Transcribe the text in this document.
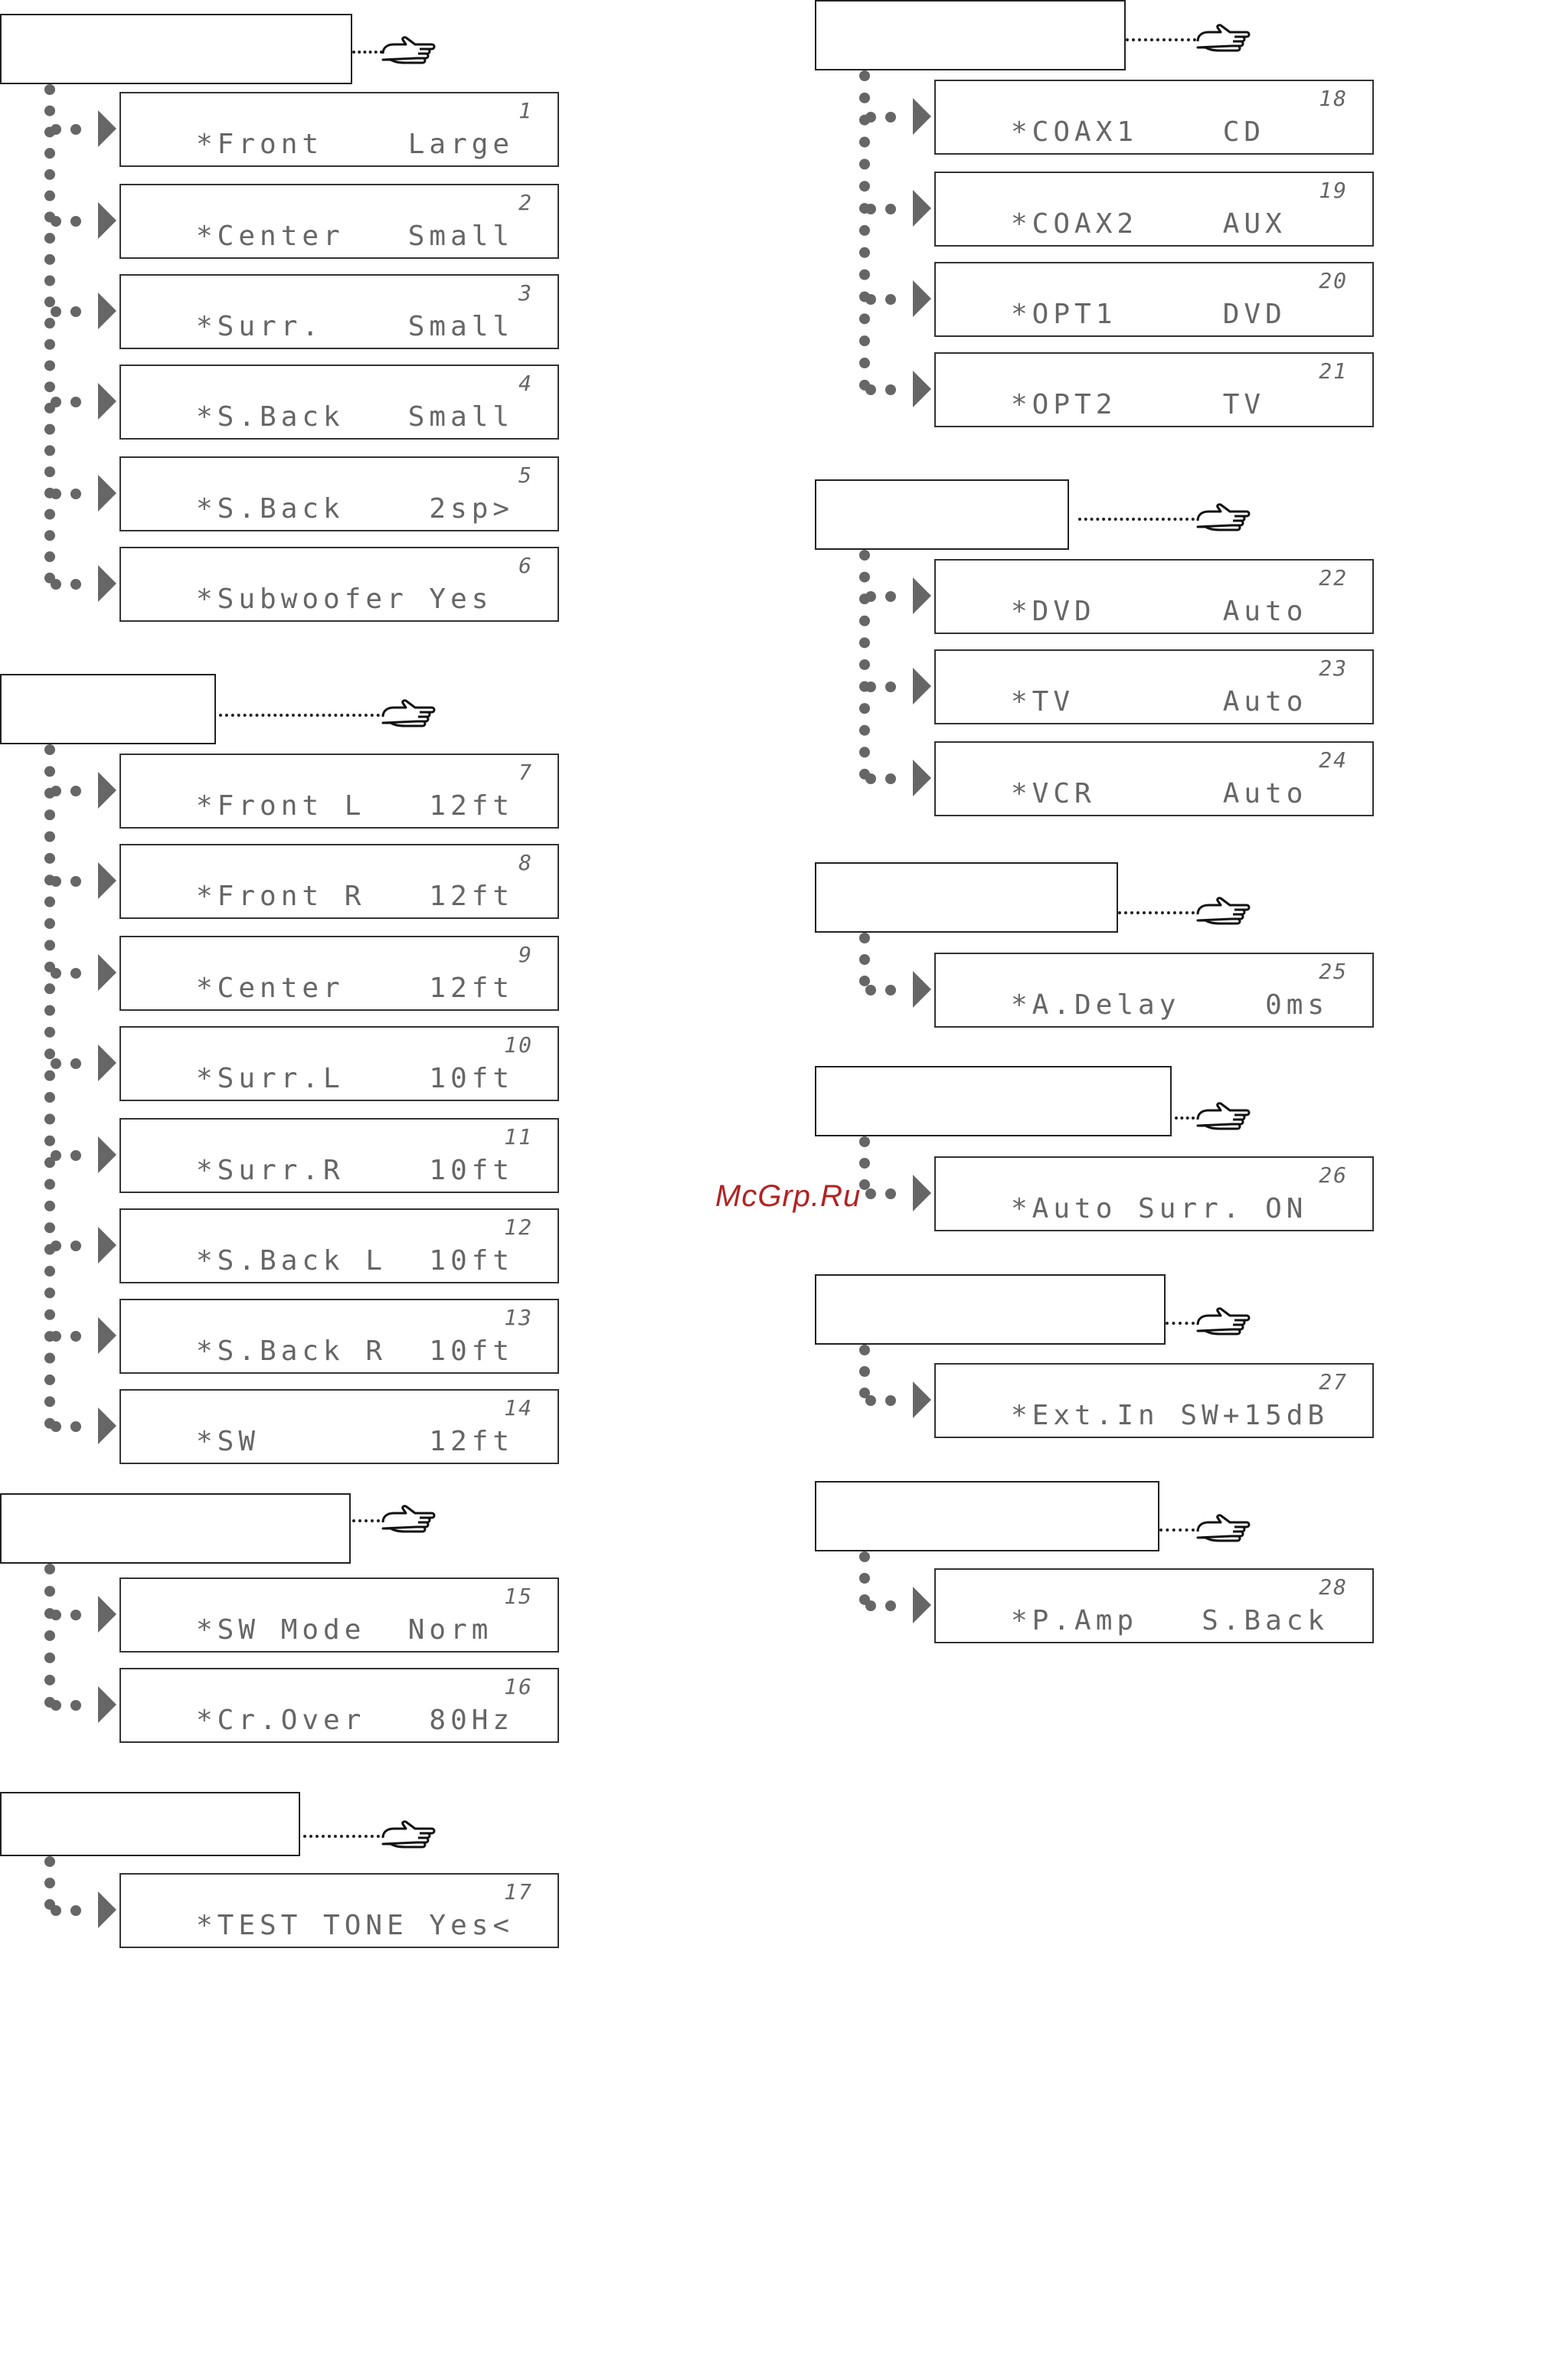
McGrp.Ru
1
*Front    Large
2
*Center   Small
3
*Surr.    Small
4
*S.Back   Small
5
*S.Back    2sp>
6
*Subwoofer Yes
7
*Front L   12ft
8
*Front R   12ft
9
*Center    12ft
10
*Surr.L    10ft
11
*Surr.R    10ft
12
*S.Back L  10ft
13
*S.Back R  10ft
14
*SW        12ft
15
*SW Mode  Norm
16
*Cr.Over   80Hz
17
*TEST TONE Yes<
18
*COAX1    CD
19
*COAX2    AUX
20
*OPT1     DVD
21
*OPT2     TV
22
*DVD      Auto
23
*TV       Auto
24
*VCR      Auto
25
*A.Delay    0ms
26
*Auto Surr. ON
27
*Ext.In SW+15dB
28
*P.Amp   S.Back
